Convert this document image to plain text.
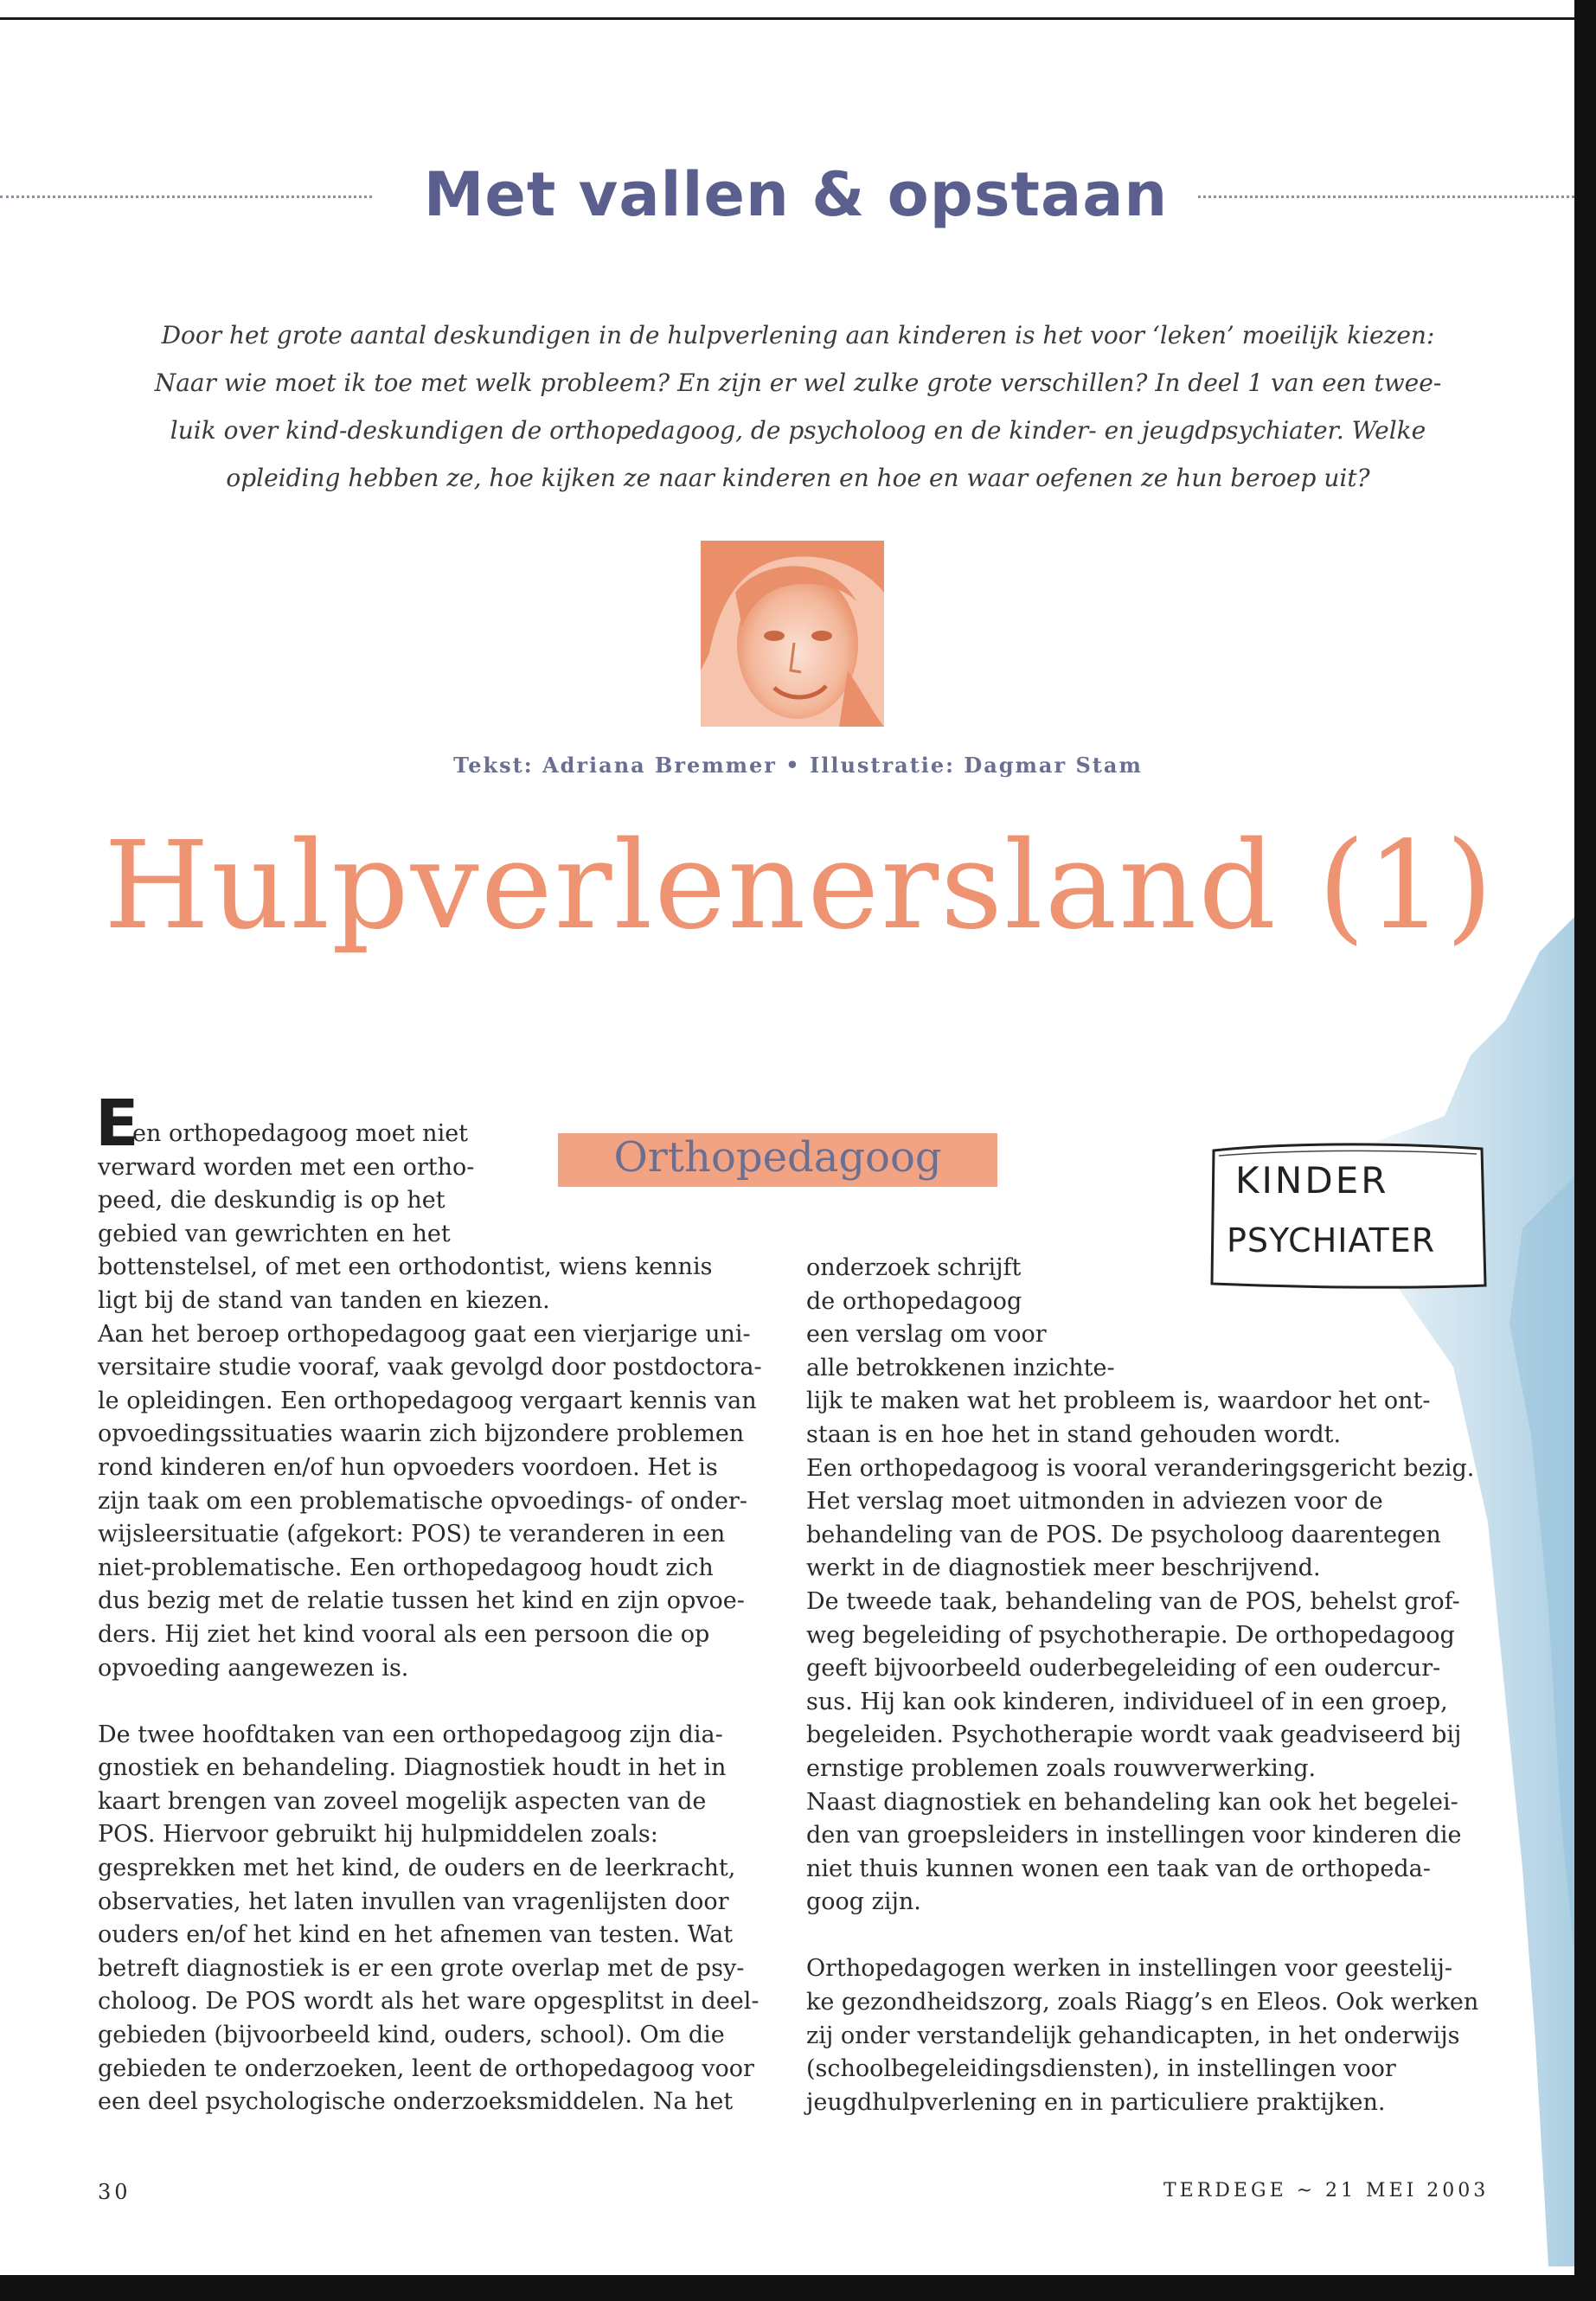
Met vallen & opstaan

Door het grote aantal deskundigen in de hulpverlening aan kinderen is het voor ‘leken’ moeilijk kiezen:
Naar wie moet ik toe met welk probleem? En zijn er wel zulke grote verschillen? In deel 1 van een twee-
luik over kind-deskundigen de orthopedagoog, de psycholoog en de kinder- en jeugdpsychiater. Welke
opleiding hebben ze, hoe kijken ze naar kinderen en hoe en waar oefenen ze hun beroep uit?

Tekst: Adriana Bremmer • Illustratie: Dagmar Stam
Hulpverlenersland (1)
Orthopedagoog	KINDER
PSYCHIATER
E
en orthopedagoog moet niet
verward worden met een ortho-
peed, die deskundig is op het
gebied van gewrichten en het
bottenstelsel, of met een orthodontist, wiens kennis
ligt bij de stand van tanden en kiezen.
Aan het beroep orthopedagoog gaat een vierjarige uni-
versitaire studie vooraf, vaak gevolgd door postdoctora-
le opleidingen. Een orthopedagoog vergaart kennis van
opvoedingssituaties waarin zich bijzondere problemen
rond kinderen en/of hun opvoeders voordoen. Het is
zijn taak om een problematische opvoedings- of onder-
wijsleersituatie (afgekort: POS) te veranderen in een
niet-problematische. Een orthopedagoog houdt zich
dus bezig met de relatie tussen het kind en zijn opvoe-
ders. Hij ziet het kind vooral als een persoon die op
opvoeding aangewezen is.
De twee hoofdtaken van een orthopedagoog zijn dia-
gnostiek en behandeling. Diagnostiek houdt in het in
kaart brengen van zoveel mogelijk aspecten van de
POS. Hiervoor gebruikt hij hulpmiddelen zoals:
gesprekken met het kind, de ouders en de leerkracht,
observaties, het laten invullen van vragenlijsten door
ouders en/of het kind en het afnemen van testen. Wat
betreft diagnostiek is er een grote overlap met de psy-
choloog. De POS wordt als het ware opgesplitst in deel-
gebieden (bijvoorbeeld kind, ouders, school). Om die
gebieden te onderzoeken, leent de orthopedagoog voor
een deel psychologische onderzoeksmiddelen. Na het
onderzoek schrijft
de orthopedagoog
een verslag om voor
alle betrokkenen inzichte-
lijk te maken wat het probleem is, waardoor het ont-
staan is en hoe het in stand gehouden wordt.
Een orthopedagoog is vooral veranderingsgericht bezig.
Het verslag moet uitmonden in adviezen voor de
behandeling van de POS. De psycholoog daarentegen
werkt in de diagnostiek meer beschrijvend.
De tweede taak, behandeling van de POS, behelst grof-
weg begeleiding of psychotherapie. De orthopedagoog
geeft bijvoorbeeld ouderbegeleiding of een oudercur-
sus. Hij kan ook kinderen, individueel of in een groep,
begeleiden. Psychotherapie wordt vaak geadviseerd bij
ernstige problemen zoals rouwverwerking.
Naast diagnostiek en behandeling kan ook het begelei-
den van groepsleiders in instellingen voor kinderen die
niet thuis kunnen wonen een taak van de orthopeda-
goog zijn.
Orthopedagogen werken in instellingen voor geestelij-
ke gezondheidszorg, zoals Riagg’s en Eleos. Ook werken
zij onder verstandelijk gehandicapten, in het onderwijs
(schoolbegeleidingsdiensten), in instellingen voor
jeugdhulpverlening en in particuliere praktijken.
30	TERDEGE ~ 21 MEI 2003
